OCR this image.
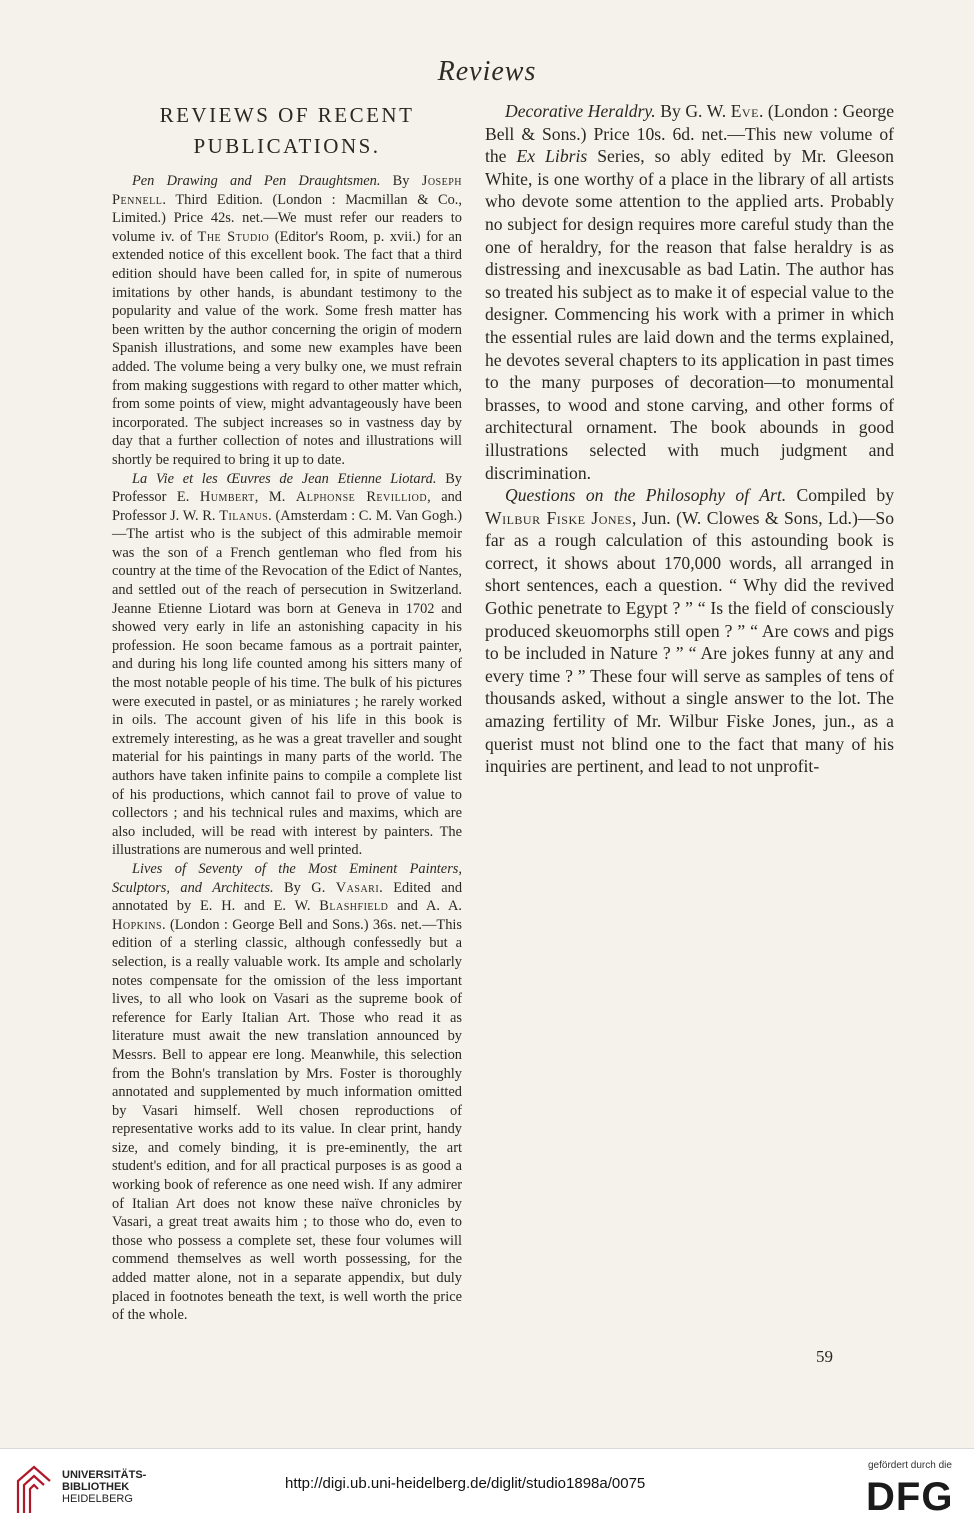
Reviews
REVIEWS OF RECENT
PUBLICATIONS.

Pen Drawing and Pen Draughtsmen. By Joseph Pennell. Third Edition. (London : Macmillan & Co., Limited.) Price 42s. net.—We must refer our readers to volume iv. of The Studio (Editor's Room, p. xvii.) for an extended notice of this excellent book. The fact that a third edition should have been called for, in spite of numerous imitations by other hands, is abundant testimony to the popularity and value of the work. Some fresh matter has been written by the author concerning the origin of modern Spanish illustrations, and some new examples have been added. The volume being a very bulky one, we must refrain from making suggestions with regard to other matter which, from some points of view, might advantageously have been incorporated. The subject increases so in vastness day by day that a further collection of notes and illustrations will shortly be required to bring it up to date.

La Vie et les Œuvres de Jean Etienne Liotard. By Professor E. Humbert, M. Alphonse Revilliod, and Professor J. W. R. Tilanus. (Amsterdam : C. M. Van Gogh.)—The artist who is the subject of this admirable memoir was the son of a French gentleman who fled from his country at the time of the Revocation of the Edict of Nantes, and settled out of the reach of persecution in Switzerland. Jeanne Etienne Liotard was born at Geneva in 1702 and showed very early in life an astonishing capacity in his profession. He soon became famous as a portrait painter, and during his long life counted among his sitters many of the most notable people of his time. The bulk of his pictures were executed in pastel, or as miniatures ; he rarely worked in oils. The account given of his life in this book is extremely interesting, as he was a great traveller and sought material for his paintings in many parts of the world. The authors have taken infinite pains to compile a complete list of his productions, which cannot fail to prove of value to collectors ; and his technical rules and maxims, which are also included, will be read with interest by painters. The illustrations are numerous and well printed.

Lives of Seventy of the Most Eminent Painters, Sculptors, and Architects. By G. Vasari. Edited and annotated by E. H. and E. W. Blashfield and A. A. Hopkins. (London : George Bell and Sons.) 36s. net.—This edition of a sterling classic, although confessedly but a selection, is a really valuable work. Its ample and scholarly notes compensate for the omission of the less important lives, to all who look on Vasari as the supreme book of reference for Early Italian Art. Those who read it as literature must await the new translation announced by Messrs. Bell to appear ere long. Meanwhile, this selection from the Bohn's translation by Mrs. Foster is thoroughly annotated and supplemented by much information omitted by Vasari himself. Well chosen reproductions of representative works add to its value. In clear print, handy size, and comely binding, it is pre-eminently, the art student's edition, and for all practical purposes is as good a working book of reference as one need wish. If any admirer of Italian Art does not know these naïve chronicles by Vasari, a great treat awaits him ; to those who do, even to those who possess a complete set, these four volumes will commend themselves as well worth possessing, for the added matter alone, not in a separate appendix, but duly placed in footnotes beneath the text, is well worth the price of the whole.

Decorative Heraldry. By G. W. Eve. (London : George Bell & Sons.) Price 10s. 6d. net.—This new volume of the Ex Libris Series, so ably edited by Mr. Gleeson White, is one worthy of a place in the library of all artists who devote some attention to the applied arts. Probably no subject for design requires more careful study than the one of heraldry, for the reason that false heraldry is as distressing and inexcusable as bad Latin. The author has so treated his subject as to make it of especial value to the designer. Commencing his work with a primer in which the essential rules are laid down and the terms explained, he devotes several chapters to its application in past times to the many purposes of decoration—to monumental brasses, to wood and stone carving, and other forms of architectural ornament. The book abounds in good illustrations selected with much judgment and discrimination.

Questions on the Philosophy of Art. Compiled by Wilbur Fiske Jones, Jun. (W. Clowes & Sons, Ld.)—So far as a rough calculation of this astounding book is correct, it shows about 170,000 words, all arranged in short sentences, each a question. “ Why did the revived Gothic penetrate to Egypt ? ” “ Is the field of consciously produced skeuomorphs still open ? ” “ Are cows and pigs to be included in Nature ? ” “ Are jokes funny at any and every time ? ” These four will serve as samples of tens of thousands asked, without a single answer to the lot. The amazing fertility of Mr. Wilbur Fiske Jones, jun., as a querist must not blind one to the fact that many of his inquiries are pertinent, and lead to not unprofit-

59
UNIVERSITÄTS-
BIBLIOTHEK
HEIDELBERG
http://digi.ub.uni-heidelberg.de/diglit/studio1898a/0075
gefördert durch die
DFG
